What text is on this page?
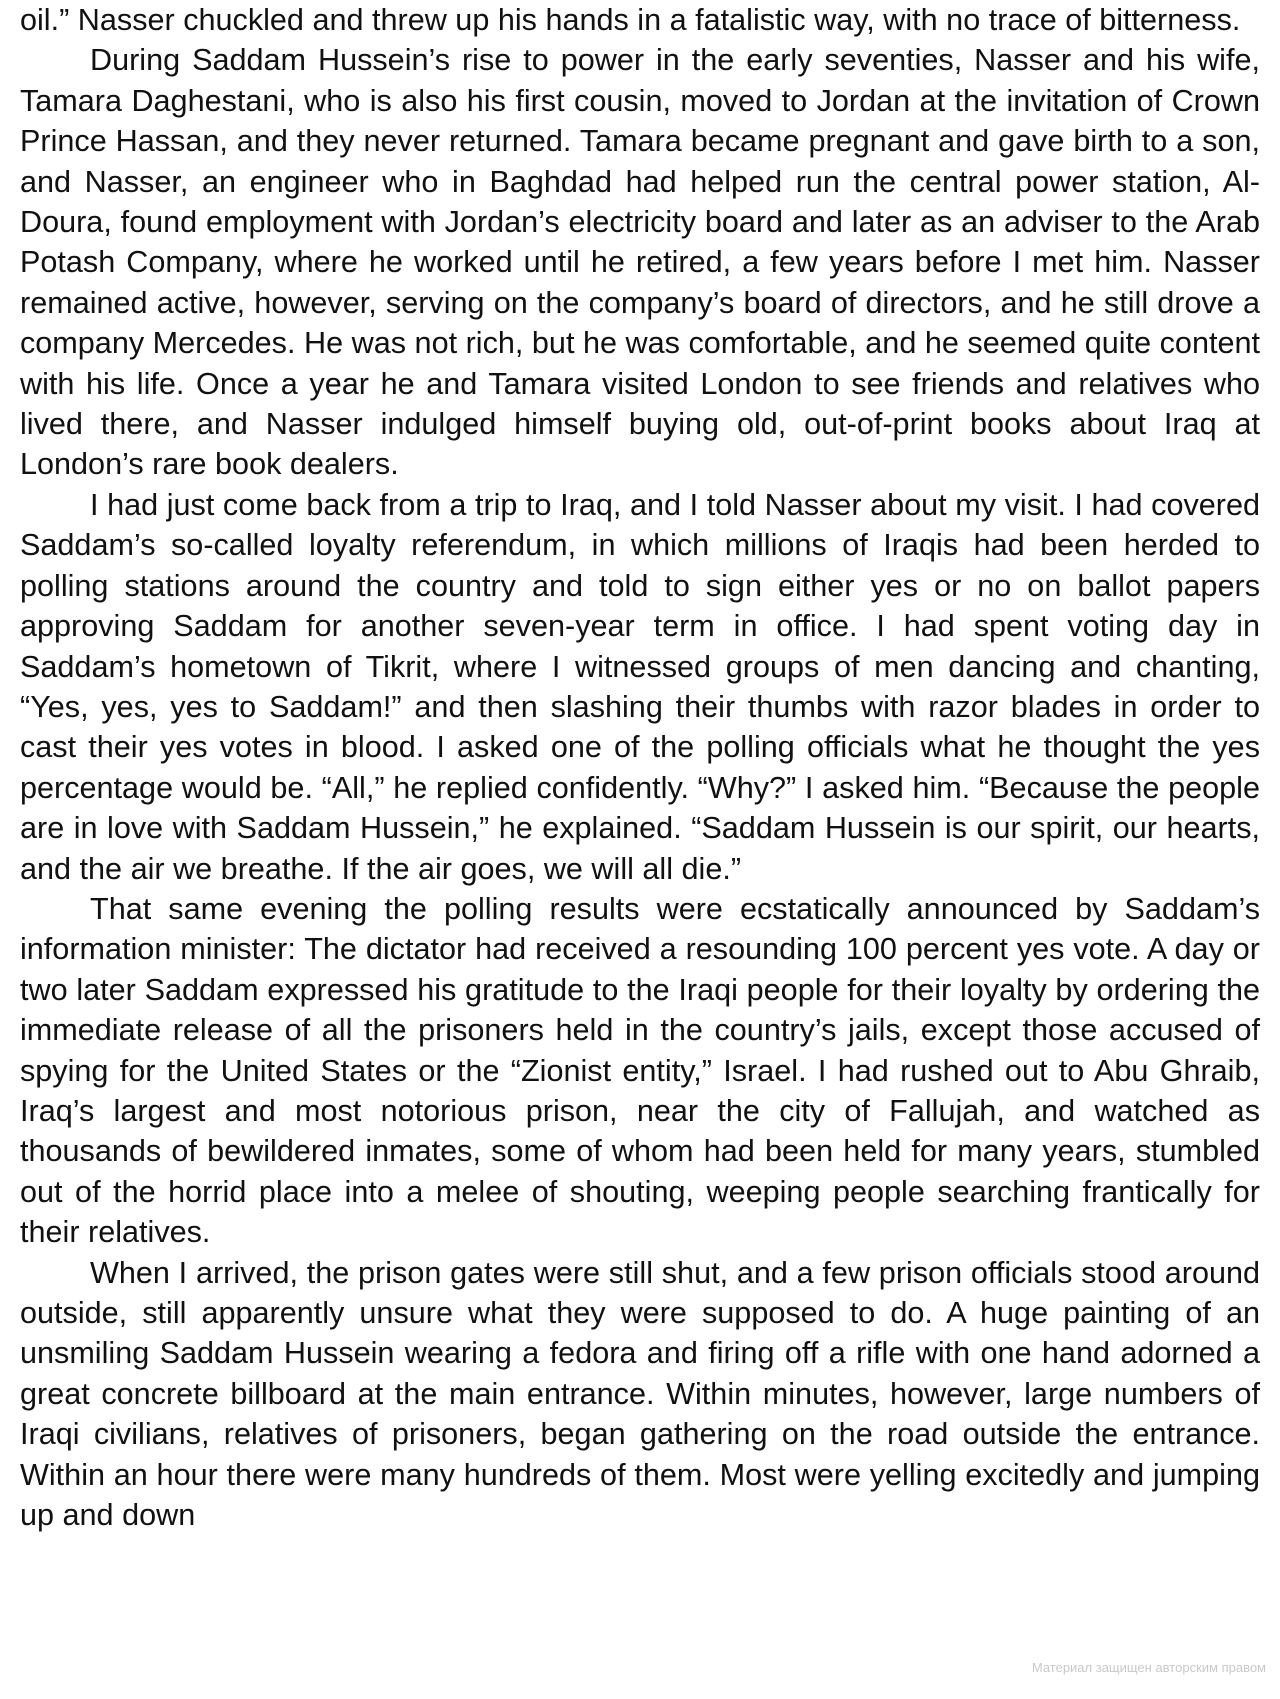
oil.” Nasser chuckled and threw up his hands in a fatalistic way, with no trace of bitterness.

During Saddam Hussein’s rise to power in the early seventies, Nasser and his wife, Tamara Daghestani, who is also his first cousin, moved to Jordan at the invitation of Crown Prince Hassan, and they never returned. Tamara became pregnant and gave birth to a son, and Nasser, an engineer who in Baghdad had helped run the central power station, Al-Doura, found employment with Jordan’s electricity board and later as an adviser to the Arab Potash Company, where he worked until he retired, a few years before I met him. Nasser remained active, however, serving on the company’s board of directors, and he still drove a company Mercedes. He was not rich, but he was comfortable, and he seemed quite content with his life. Once a year he and Tamara visited London to see friends and relatives who lived there, and Nasser indulged himself buying old, out-of-print books about Iraq at London’s rare book dealers.

I had just come back from a trip to Iraq, and I told Nasser about my visit. I had covered Saddam’s so-called loyalty referendum, in which millions of Iraqis had been herded to polling stations around the country and told to sign either yes or no on ballot papers approving Saddam for another seven-year term in office. I had spent voting day in Saddam’s hometown of Tikrit, where I witnessed groups of men dancing and chanting, “Yes, yes, yes to Saddam!” and then slashing their thumbs with razor blades in order to cast their yes votes in blood. I asked one of the polling officials what he thought the yes percentage would be. “All,” he replied confidently. “Why?” I asked him. “Because the people are in love with Saddam Hussein,” he explained. “Saddam Hussein is our spirit, our hearts, and the air we breathe. If the air goes, we will all die.”

That same evening the polling results were ecstatically announced by Saddam’s information minister: The dictator had received a resounding 100 percent yes vote. A day or two later Saddam expressed his gratitude to the Iraqi people for their loyalty by ordering the immediate release of all the prisoners held in the country’s jails, except those accused of spying for the United States or the “Zionist entity,” Israel. I had rushed out to Abu Ghraib, Iraq’s largest and most notorious prison, near the city of Fallujah, and watched as thousands of bewildered inmates, some of whom had been held for many years, stumbled out of the horrid place into a melee of shouting, weeping people searching frantically for their relatives.

When I arrived, the prison gates were still shut, and a few prison officials stood around outside, still apparently unsure what they were supposed to do. A huge painting of an unsmiling Saddam Hussein wearing a fedora and firing off a rifle with one hand adorned a great concrete billboard at the main entrance. Within minutes, however, large numbers of Iraqi civilians, relatives of prisoners, began gathering on the road outside the entrance. Within an hour there were many hundreds of them. Most were yelling excitedly and jumping up and down

Материал защищен авторским правом
